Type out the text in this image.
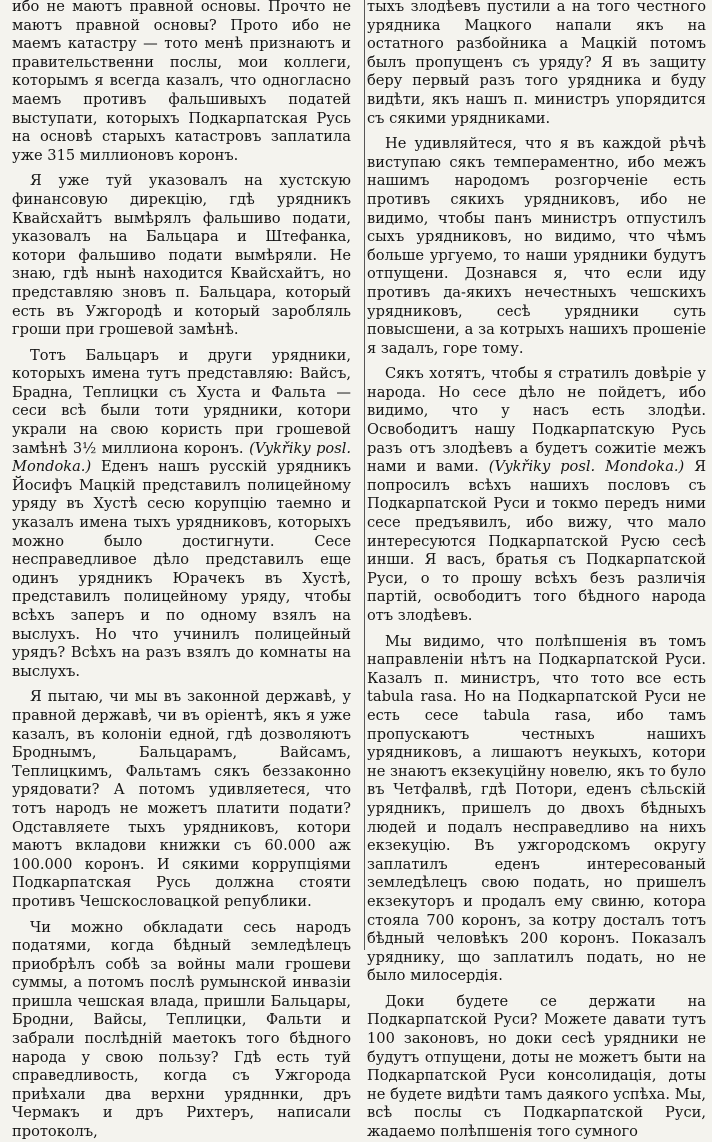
ибо не маютъ правной основы. Прочто не маютъ правной основы? Прото ибо не маемъ катастру — тото менѣ признаютъ и правительственни послы, мои коллеги, которымъ я всегда казалъ, что одногласно маемъ противъ фальшивыхъ податей выступати, которыхъ Подкарпатская Русь на основѣ старыхъ катастровъ заплатила уже 315 миллионовъ коронъ.

Я уже туй указовалъ на хустскую финансовую дирекцію, гдѣ урядникъ Квайсхайтъ вымѣрялъ фальшиво подати, указовалъ на Бальцара и Штефанка, котори фальшиво подати вымѣряли. Не знаю, гдѣ нынѣ находится Квайсхайтъ, но представляю зновъ п. Бальцара, который есть въ Ужгородѣ и который заробляль гроши при грошевой замѣнѣ.

Тотъ Бальцаръ и други урядники, которыхъ имена тутъ представляю: Вайсъ, Брадна, Теплицки съ Хуста и Фальта — сеси всѣ были тоти урядники, котори украли на свою користь при грошевой замѣнѣ 3½ миллиона коронъ. (Vykřiky posl. Mondoka.) Еденъ нашъ русскій урядникъ Йосифъ Мацкій представилъ полицейному уряду въ Хустѣ сесю корупцію таемно и указалъ имена тыхъ урядниковъ, которыхъ можно было достигнути. Сесе несправедливое дѣло представилъ еще одинъ урядникъ Юрачекъ въ Хустѣ, представилъ полицейному уряду, чтобы всѣхъ заперъ и по одному взялъ на выслухъ. Но что учинилъ полицейный урядъ? Всѣхъ на разъ взялъ до комнаты на выслухъ.

Я пытаю, чи мы въ законной державѣ, у правной державѣ, чи въ оріентѣ, якъ я уже казалъ, въ колоніи едной, гдѣ дозволяютъ Броднымъ, Бальцарамъ, Вайсамъ, Теплицкимъ, Фальтамъ сякъ беззаконно урядовати? А потомъ удивляетеся, что тотъ народъ не можетъ платити подати? Одставляете тыхъ урядниковъ, котори маютъ вкладови книжки съ 60.000 аж 100.000 коронъ. И сякими коррупціями Подкарпатская Русь должна стояти противъ Чешскословацкой републики.

Чи можно обкладати сесь народъ податями, когда бѣдный земледѣлецъ приобрѣлъ собѣ за войны мали грошеви суммы, а потомъ послѣ румынской инвазіи пришла чешская влада, пришли Бальцары, Бродни, Вайсы, Теплицки, Фальти и забрали послѣдній маетокъ того бѣдного народа у свою пользу? Гдѣ есть туй справедливость, когда съ Ужгорода приѣхали два верхни урядннки, дръ Чермакъ и дръ Рихтеръ, написали протоколъ,

тыхъ злодѣевъ пустили а на того честного урядника Мацкого напали якъ на остатного разбойника а Мацкій потомъ былъ пропущенъ съ уряду? Я въ защиту беру первый разъ того урядника и буду видѣти, якъ нашъ п. министръ упорядится съ сякими урядниками.

Не удивляйтеся, что я въ каждой рѣчѣ виступаю сякъ темпераментно, ибо межъ нашимъ народомъ розгорченіе есть противъ сякихъ урядниковъ, ибо не видимо, чтобы панъ министръ отпустилъ сыхъ урядниковъ, но видимо, что чѣмъ больше ургуемо, то наши урядники будутъ отпущени. Дознався я, что если иду противъ да-якихъ нечестныхъ чешскихъ урядниковъ, сесѣ урядники суть повысшени, а за котрыхъ нашихъ прошеніе я задалъ, горе тому.

Сякъ хотятъ, чтобы я стратилъ довѣріе у народа. Но сесе дѣло не пойдетъ, ибо видимо, что у насъ есть злодѣи. Освободитъ нашу Подкарпатскую Русь разъ отъ злодѣевъ а будетъ сожитіе межъ нами и вами. (Vykřiky posl. Mondoka.) Я попросилъ всѣхъ нашихъ пословъ съ Подкарпатской Руси и токмо передъ ними сесе предъявилъ, ибо вижу, что мало интересуются Подкарпатской Русю сесѣ инши. Я васъ, братья съ Подкарпатской Руси, о то прошу всѣхъ безъ различія партій, освободитъ того бѣдного народа отъ злодѣевъ.

Мы видимо, что полѣпшенія въ томъ направленіи нѣтъ на Подкарпатской Руси. Казалъ п. министръ, что тото все есть tabula rasa. Но на Подкарпатской Руси не есть сесе tabula rasa, ибо тамъ пропускаютъ честныхъ нашихъ урядниковъ, а лишаютъ неукыхъ, котори не знаютъ екзекуційну новелю, якъ то було въ Четфалвѣ, гдѣ Потори, еденъ сѣльскій урядникъ, пришелъ до двохъ бѣдныхъ людей и подалъ несправедливо на нихъ екзекуцію. Въ ужгородскомъ округу заплатилъ еденъ интересованый земледѣлецъ свою подать, но пришелъ екзекуторъ и продалъ ему свиню, котора стояла 700 коронъ, за котру досталъ тотъ бѣдный человѣкъ 200 коронъ. Показалъ уряднику, що заплатилъ подать, но не было милосердія.

Доки будете се держати на Подкарпатской Руси? Можете давати тутъ 100 законовъ, но доки сесѣ урядники не будутъ отпущени, доты не можетъ быти на Подкарпатской Руси консолидація, доты не будете видѣти тамъ даякого успѣха. Мы, всѣ послы съ Подкарпатской Руси, жадаемо полѣпшенія того сумного
